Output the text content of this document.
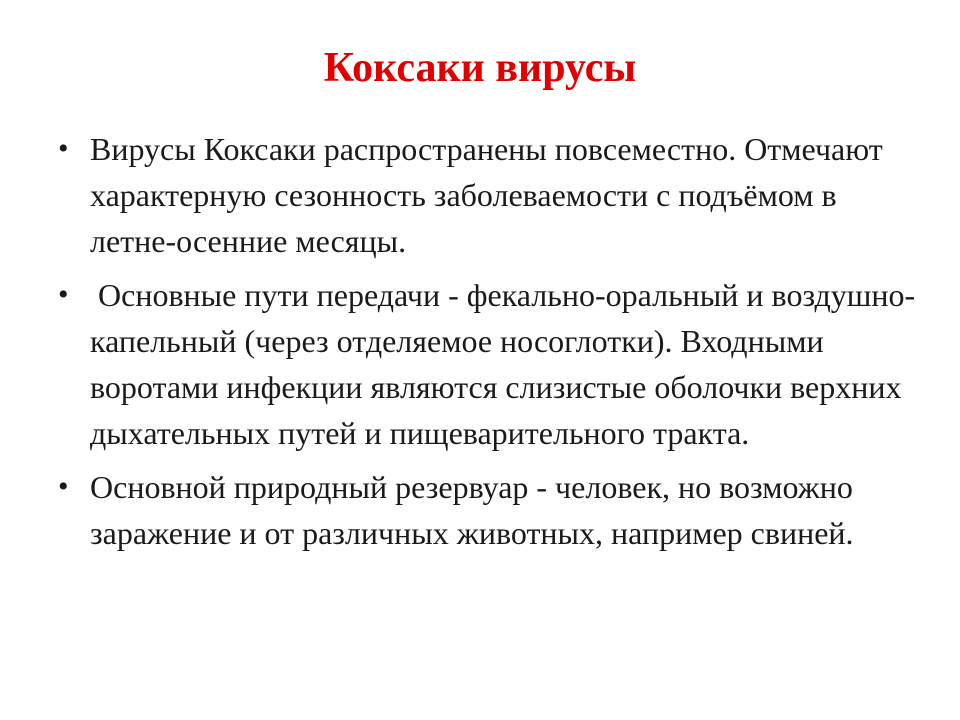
Коксаки вирусы
• Вирусы Коксаки распространены повсеместно. Отмечают характерную сезонность заболеваемости с подъёмом в летне-осенние месяцы.
• Основные пути передачи - фекально-оральный и воздушно-капельный (через отделяемое носоглотки). Входными воротами инфекции являются слизистые оболочки верхних дыхательных путей и пищеварительного тракта.
• Основной природный резервуар - человек, но возможно заражение и от различных животных, например свиней.
